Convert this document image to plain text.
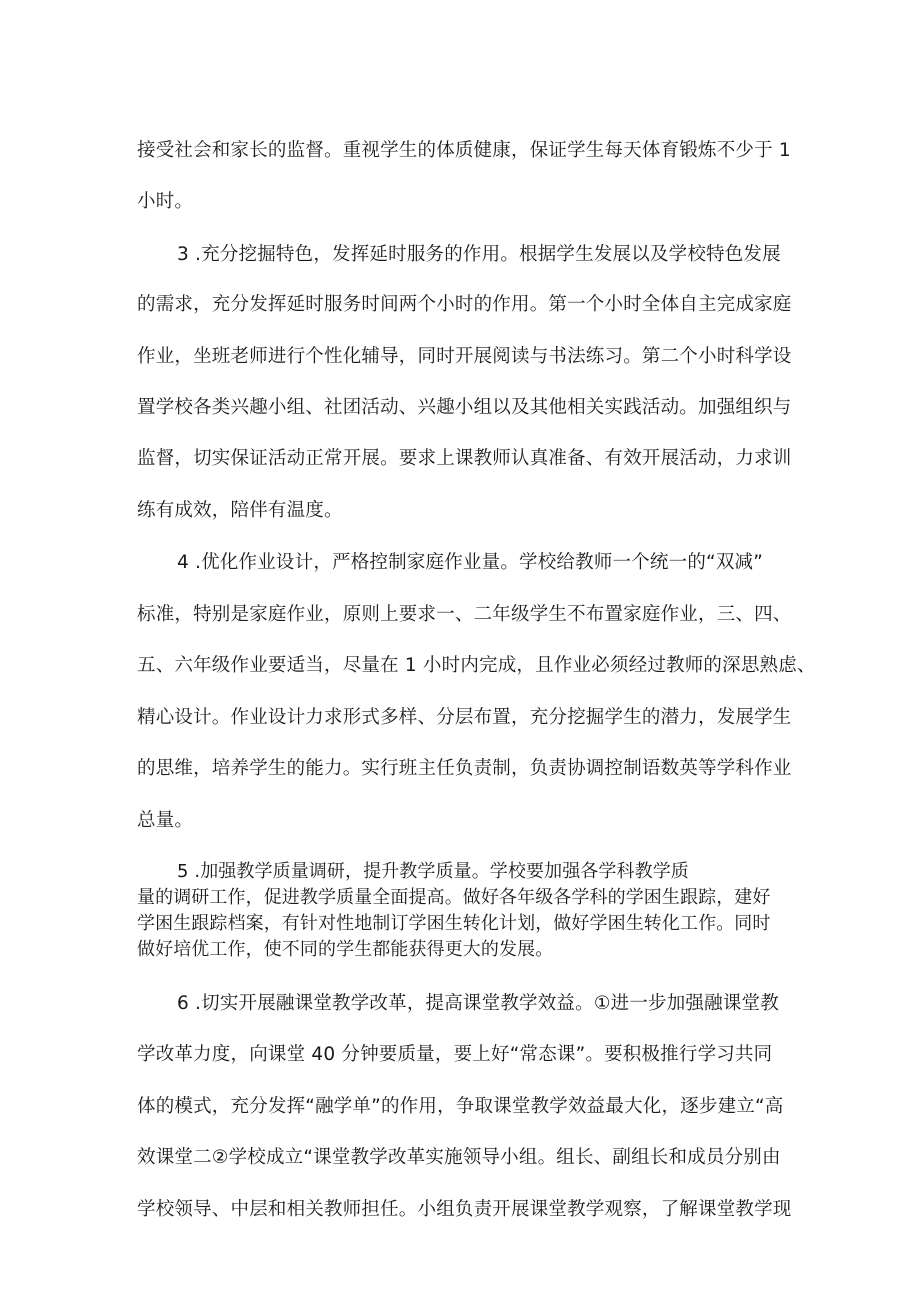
接受社会和家长的监督。重视学生的体质健康，保证学生每天体育锻炼不少于 1
小时。
3 .充分挖掘特色，发挥延时服务的作用。根据学生发展以及学校特色发展
的需求，充分发挥延时服务时间两个小时的作用。第一个小时全体自主完成家庭
作业，坐班老师进行个性化辅导，同时开展阅读与书法练习。第二个小时科学设
置学校各类兴趣小组、社团活动、兴趣小组以及其他相关实践活动。加强组织与
监督，切实保证活动正常开展。要求上课教师认真准备、有效开展活动，力求训
练有成效，陪伴有温度。
4 .优化作业设计，严格控制家庭作业量。学校给教师一个统一的“双减”
标准，特别是家庭作业，原则上要求一、二年级学生不布置家庭作业，三、四、
五、六年级作业要适当，尽量在 1 小时内完成，且作业必须经过教师的深思熟虑、
精心设计。作业设计力求形式多样、分层布置，充分挖掘学生的潜力，发展学生
的思维，培养学生的能力。实行班主任负责制，负责协调控制语数英等学科作业
总量。
5 .加强教学质量调研，提升教学质量。学校要加强各学科教学质
量的调研工作，促进教学质量全面提高。做好各年级各学科的学困生跟踪，建好
学困生跟踪档案，有针对性地制订学困生转化计划，做好学困生转化工作。同时
做好培优工作，使不同的学生都能获得更大的发展。
6 .切实开展融课堂教学改革，提高课堂教学效益。①进一步加强融课堂教
学改革力度，向课堂 40 分钟要质量，要上好“常态课”。要积极推行学习共同
体的模式，充分发挥“融学单”的作用，争取课堂教学效益最大化，逐步建立“高
效课堂二②学校成立“课堂教学改革实施领导小组。组长、副组长和成员分别由
学校领导、中层和相关教师担任。小组负责开展课堂教学观察，了解课堂教学现
